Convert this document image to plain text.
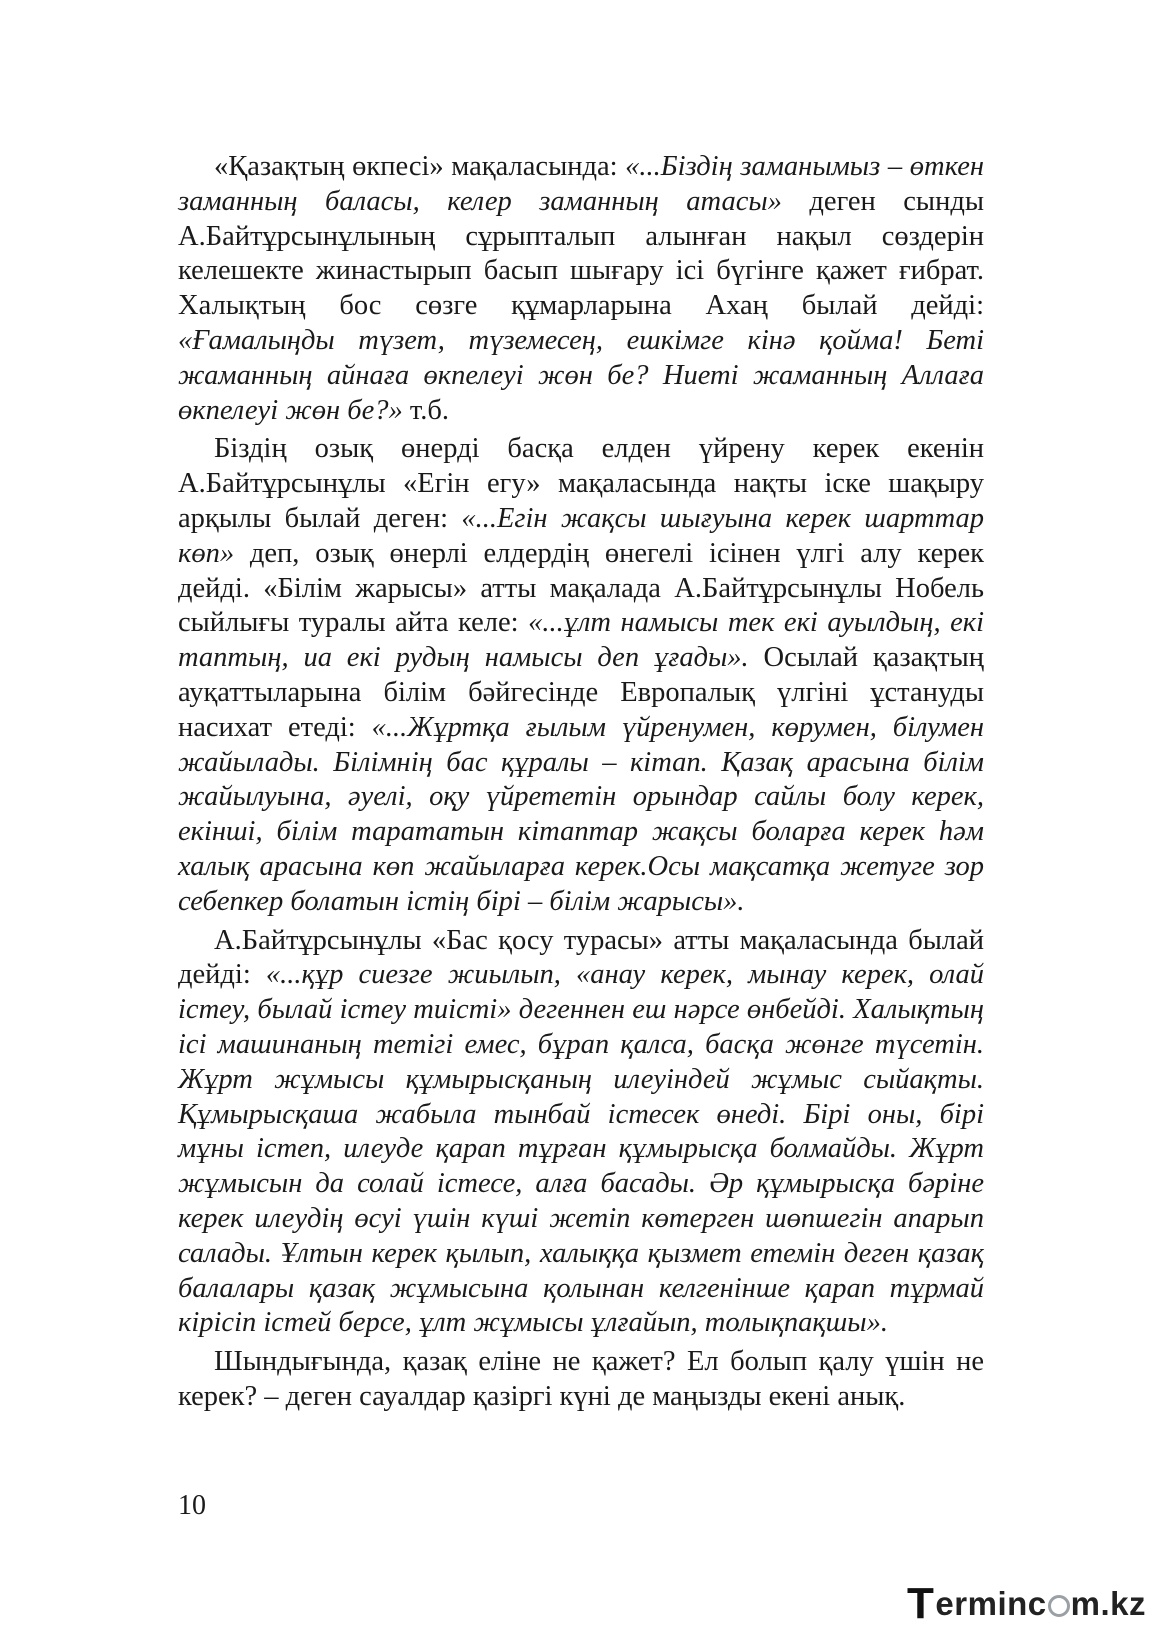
«Қазақтың өкпесі» мақаласында: «...Біздің заманымыз – өткен заманның баласы, келер заманның атасы» деген сынды А.Байтұрсынұлының сұрыпталып алынған нақыл сөздерін келешекте жинастырып басып шығару ісі бүгінге қажет ғибрат. Халықтың бос сөзге құмарларына Ахаң былай дейді: «Ғамалыңды түзет, түземесең, ешкімге кінә қойма! Беті жаманның айнаға өкпелеуі жөн бе? Ниеті жаманның Аллаға өкпелеуі жөн бе?» т.б.

Біздің озық өнерді басқа елден үйрену керек екенін А.Байтұрсынұлы «Егін егу» мақаласында нақты іске шақыру арқылы былай деген: «...Егін жақсы шығуына керек шарттар көп» деп, озық өнерлі елдердің өнегелі ісінен үлгі алу керек дейді. «Білім жарысы» атты мақалада А.Байтұрсынұлы Нобель сыйлығы туралы айта келе: «...ұлт намысы тек екі ауылдың, екі таптың, иа екі рудың намысы деп ұғады». Осылай қазақтың ауқаттыларына білім бәйгесінде Европалық үлгіні ұстануды насихат етеді: «...Жұртқа ғылым үйренумен, көрумен, білумен жайылады. Білімнің бас құралы – кітап. Қазақ арасына білім жайылуына, әуелі, оқу үйрететін орындар сайлы болу керек, екінші, білім тарататын кітаптар жақсы боларға керек һәм халық арасына көп жайыларға керек.Осы мақсатқа жетуге зор себепкер болатын істің бірі – білім жарысы».

А.Байтұрсынұлы «Бас қосу турасы» атты мақаласында былай дейді: «...құр сиезге жиылып, «анау керек, мынау керек, олай істеу, былай істеу тиісті» дегеннен еш нәрсе өнбейді. Халықтың ісі машинаның тетігі емес, бұрап қалса, басқа жөнге түсетін. Жұрт жұмысы құмырысқаның илеуіндей жұмыс сыйақты. Құмырысқаша жабыла тынбай істесек өнеді. Бірі оны, бірі мұны істеп, илеуде қарап тұрған құмырысқа болмайды. Жұрт жұмысын да солай істесе, алға басады. Әр құмырысқа бәріне керек илеудің өсуі үшін күші жетіп көтерген шөпшегін апарып салады. Ұлтын керек қылып, халыққа қызмет етемін деген қазақ балалары қазақ жұмысына қолынан келгенінше қарап тұрмай кірісіп істей берсе, ұлт жұмысы ұлғайып, толықпақшы».

Шындығында, қазақ еліне не қажет? Ел болып қалу үшін не керек? – деген сауалдар қазіргі күні де маңызды екені анық.

10
T erminc m.kz
